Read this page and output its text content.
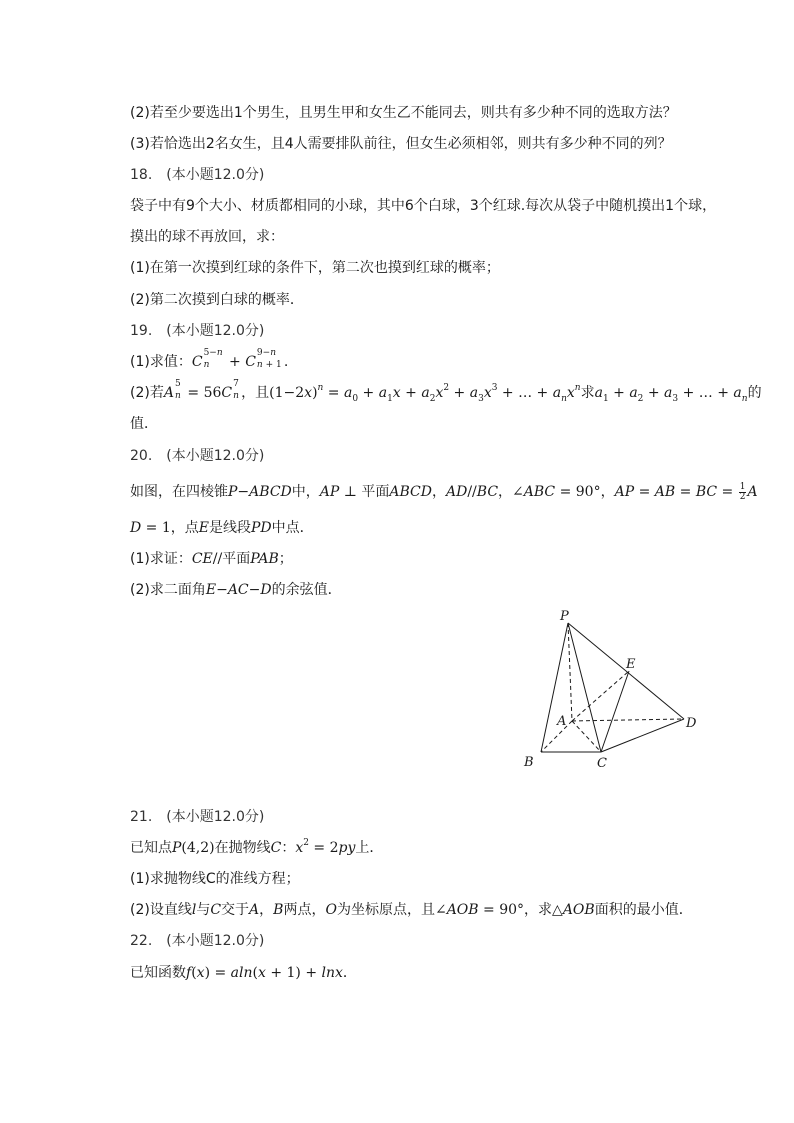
(2)若至少要选出1个男生，且男生甲和女生乙不能同去，则共有多少种不同的选取方法？
(3)若恰选出2名女生，且4人需要排队前往，但女生必须相邻，则共有多少种不同的列？
18.　(本小题12.0分)
袋子中有9个大小、材质都相同的小球，其中6个白球，3个红球.每次从袋子中随机摸出1个球，
摸出的球不再放回，求：
(1)在第一次摸到红球的条件下，第二次也摸到红球的概率；
(2)第二次摸到白球的概率．
19.　(本小题12.0分)
(1)求值：C
5−n
n + C
9−n
n + 1 .
(2)若A
5
n = 56C
7
n ，且$(1-2x)^n = a_0 + a_1x + a_2x^2 + a_3x^3$ + … + $a_nx^n$求$a_1 + a_2 + a_3$ + … + $a_n$的
值．
20.　(本小题12.0分)
如图，在四棱锥P−ABCD中，AP ⊥ 平面ABCD，AD//BC，∠ABC = 90°，AP = AB = BC = $\frac{1}{2}$ A
D = 1，点E是线段PD中点．
(1)求证：CE//平面PAB；
(2)求二面角E−AC−D的余弦值．
P
E
A	D
B	C
21.　(本小题12.0分)
已知点P(4,2)在抛物线C：$x^2 = 2py$上．
(1)求抛物线C的准线方程；
(2)设直线l与C交于A，B两点，O为坐标原点，且∠AOB = 90°，求△AOB面积的最小值．
22.　(本小题12.0分)
已知函数f(x) = aln(x + 1) + lnx．
